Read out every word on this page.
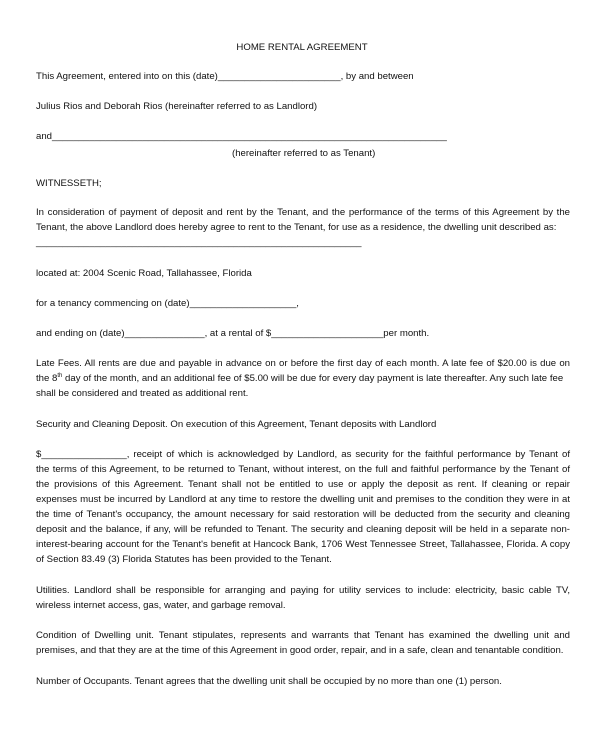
HOME RENTAL AGREEMENT
This Agreement, entered into on this (date)_______________________, by and between
Julius Rios and Deborah Rios (hereinafter referred to as Landlord)
and__________________________________________________________________________
(hereinafter referred to as Tenant)
WITNESSETH;
In consideration of payment of deposit and rent by the Tenant, and the performance of the terms of this Agreement by the
Tenant, the above Landlord does hereby agree to rent to the Tenant, for use as a residence, the dwelling unit described as:
_____________________________________________________________
located at: 2004 Scenic Road, Tallahassee, Florida
for a tenancy commencing on (date)____________________,
and ending on (date)_______________, at a rental of $_____________________per month.
Late Fees. All rents are due and payable in advance on or before the first day of each month. A late fee of $20.00 is due on
the 8th day of the month, and an additional fee of $5.00 will be due for every day payment is late thereafter. Any such late fee
shall be considered and treated as additional rent.
Security and Cleaning Deposit. On execution of this Agreement, Tenant deposits with Landlord
$________________, receipt of which is acknowledged by Landlord, as security for the faithful performance by Tenant of
the terms of this Agreement, to be returned to Tenant, without interest, on the full and faithful performance by the Tenant of
the provisions of this Agreement. Tenant shall not be entitled to use or apply the deposit as rent. If cleaning or repair
expenses must be incurred by Landlord at any time to restore the dwelling unit and premises to the condition they were in at
the time of Tenant's occupancy, the amount necessary for said restoration will be deducted from the security and cleaning
deposit and the balance, if any, will be refunded to Tenant. The security and cleaning deposit will be held in a separate non-
interest-bearing account for the Tenant's benefit at Hancock Bank, 1706 West Tennessee Street, Tallahassee, Florida. A copy
of Section 83.49 (3) Florida Statutes has been provided to the Tenant.
Utilities. Landlord shall be responsible for arranging and paying for utility services to include: electricity, basic cable TV,
wireless internet access, gas, water, and garbage removal.
Condition of Dwelling unit. Tenant stipulates, represents and warrants that Tenant has examined the dwelling unit and
premises, and that they are at the time of this Agreement in good order, repair, and in a safe, clean and tenantable condition.
Number of Occupants. Tenant agrees that the dwelling unit shall be occupied by no more than one (1) person.
